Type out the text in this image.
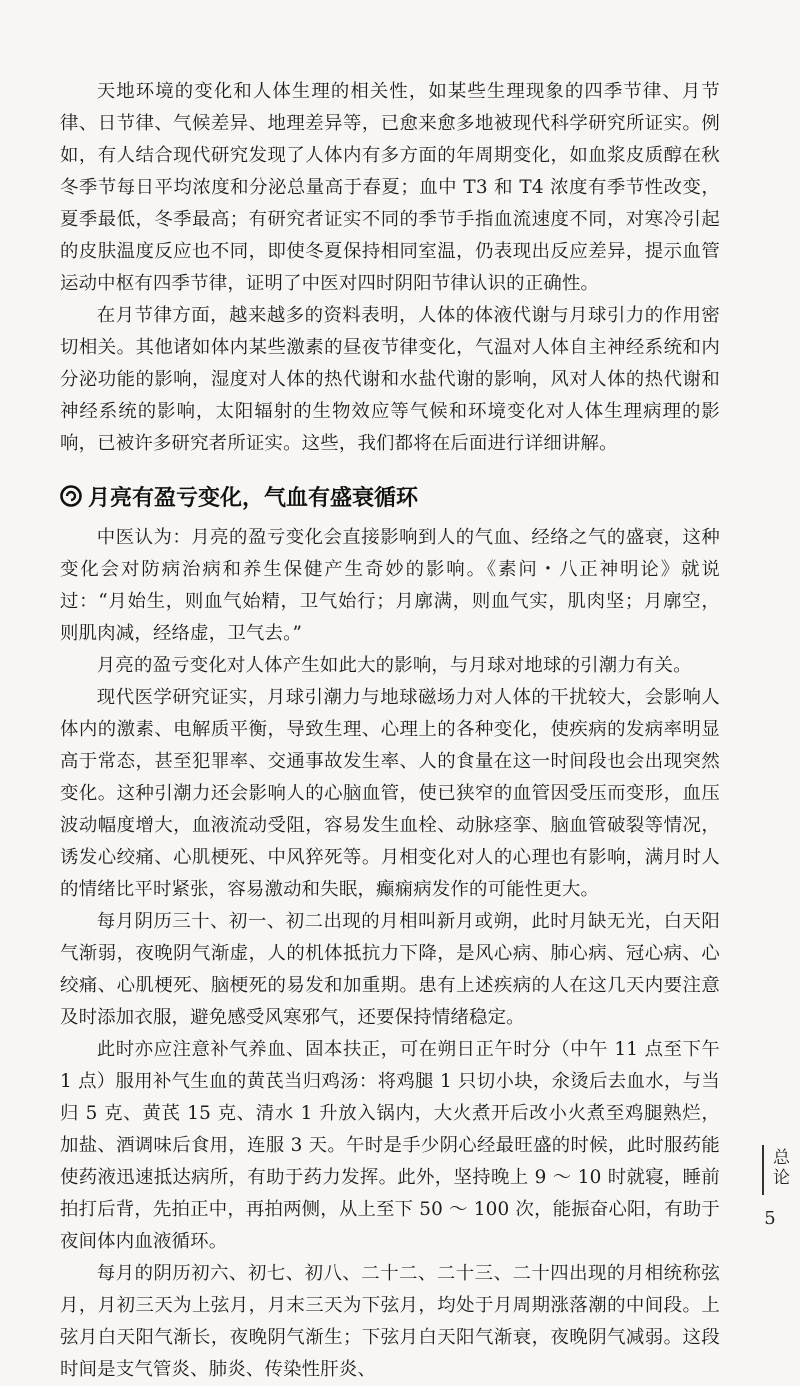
天地环境的变化和人体生理的相关性，如某些生理现象的四季节律、月节律、日节律、气候差异、地理差异等，已愈来愈多地被现代科学研究所证实。例如，有人结合现代研究发现了人体内有多方面的年周期变化，如血浆皮质醇在秋冬季节每日平均浓度和分泌总量高于春夏；血中 T3 和 T4 浓度有季节性改变，夏季最低，冬季最高；有研究者证实不同的季节手指血流速度不同，对寒冷引起的皮肤温度反应也不同，即使冬夏保持相同室温，仍表现出反应差异，提示血管运动中枢有四季节律，证明了中医对四时阴阳节律认识的正确性。

在月节律方面，越来越多的资料表明，人体的体液代谢与月球引力的作用密切相关。其他诸如体内某些激素的昼夜节律变化，气温对人体自主神经系统和内分泌功能的影响，湿度对人体的热代谢和水盐代谢的影响，风对人体的热代谢和神经系统的影响，太阳辐射的生物效应等气候和环境变化对人体生理病理的影响，已被许多研究者所证实。这些，我们都将在后面进行详细讲解。

月亮有盈亏变化，气血有盛衰循环

中医认为：月亮的盈亏变化会直接影响到人的气血、经络之气的盛衰，这种变化会对防病治病和养生保健产生奇妙的影响。《素问・八正神明论》就说过：“月始生，则血气始精，卫气始行；月廓满，则血气实，肌肉坚；月廓空，则肌肉减，经络虚，卫气去。”

月亮的盈亏变化对人体产生如此大的影响，与月球对地球的引潮力有关。

现代医学研究证实，月球引潮力与地球磁场力对人体的干扰较大，会影响人体内的激素、电解质平衡，导致生理、心理上的各种变化，使疾病的发病率明显高于常态，甚至犯罪率、交通事故发生率、人的食量在这一时间段也会出现突然变化。这种引潮力还会影响人的心脑血管，使已狭窄的血管因受压而变形，血压波动幅度增大，血液流动受阻，容易发生血栓、动脉痉挛、脑血管破裂等情况，诱发心绞痛、心肌梗死、中风猝死等。月相变化对人的心理也有影响，满月时人的情绪比平时紧张，容易激动和失眠，癫痫病发作的可能性更大。

每月阴历三十、初一、初二出现的月相叫新月或朔，此时月缺无光，白天阳气渐弱，夜晚阴气渐虚，人的机体抵抗力下降，是风心病、肺心病、冠心病、心绞痛、心肌梗死、脑梗死的易发和加重期。患有上述疾病的人在这几天内要注意及时添加衣服，避免感受风寒邪气，还要保持情绪稳定。

此时亦应注意补气养血、固本扶正，可在朔日正午时分（中午 11 点至下午 1 点）服用补气生血的黄芪当归鸡汤：将鸡腿 1 只切小块，氽烫后去血水，与当归 5 克、黄芪 15 克、清水 1 升放入锅内，大火煮开后改小火煮至鸡腿熟烂，加盐、酒调味后食用，连服 3 天。午时是手少阴心经最旺盛的时候，此时服药能使药液迅速抵达病所，有助于药力发挥。此外，坚持晚上 9 ～ 10 时就寝，睡前拍打后背，先拍正中，再拍两侧，从上至下 50 ～ 100 次，能振奋心阳，有助于夜间体内血液循环。

每月的阴历初六、初七、初八、二十二、二十三、二十四出现的月相统称弦月，月初三天为上弦月，月末三天为下弦月，均处于月周期涨落潮的中间段。上弦月白天阳气渐长，夜晚阴气渐生；下弦月白天阳气渐衰，夜晚阴气减弱。这段时间是支气管炎、肺炎、传染性肝炎、

总论
5
